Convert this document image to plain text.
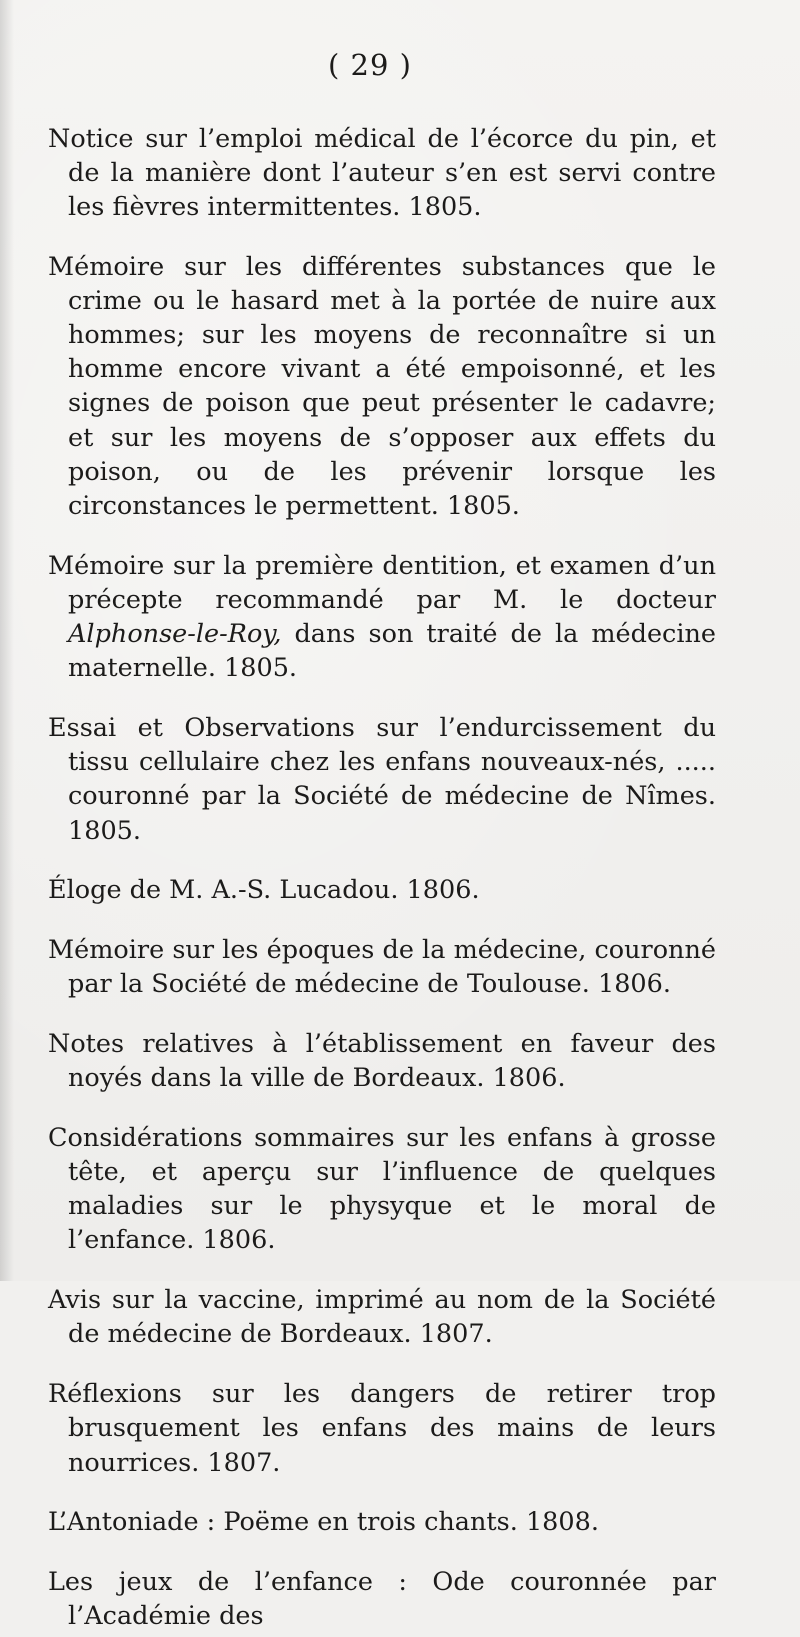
( 29 )

Notice sur l’emploi médical de l’écorce du pin, et de la manière dont l’auteur s’en est servi contre les fièvres intermittentes. 1805.

Mémoire sur les différentes substances que le crime ou le hasard met à la portée de nuire aux hommes; sur les moyens de reconnaître si un homme encore vivant a été empoisonné, et les signes de poison que peut présenter le cadavre; et sur les moyens de s’opposer aux effets du poison, ou de les prévenir lorsque les circonstances le permettent. 1805.

Mémoire sur la première dentition, et examen d’un précepte recommandé par M. le docteur Alphonse-le-Roy, dans son traité de la médecine maternelle. 1805.

Essai et Observations sur l’endurcissement du tissu cellulaire chez les enfans nouveaux-nés, ..... couronné par la Société de médecine de Nîmes. 1805.

Éloge de M. A.-S. Lucadou. 1806.

Mémoire sur les époques de la médecine, couronné par la Société de médecine de Toulouse. 1806.

Notes relatives à l’établissement en faveur des noyés dans la ville de Bordeaux. 1806.

Considérations sommaires sur les enfans à grosse tête, et aperçu sur l’influence de quelques maladies sur le physyque et le moral de l’enfance. 1806.

Avis sur la vaccine, imprimé au nom de la Société de médecine de Bordeaux. 1807.

Réflexions sur les dangers de retirer trop brusquement les enfans des mains de leurs nourrices. 1807.

L’Antoniade : Poëme en trois chants. 1808.

Les jeux de l’enfance : Ode couronnée par l’Académie des
